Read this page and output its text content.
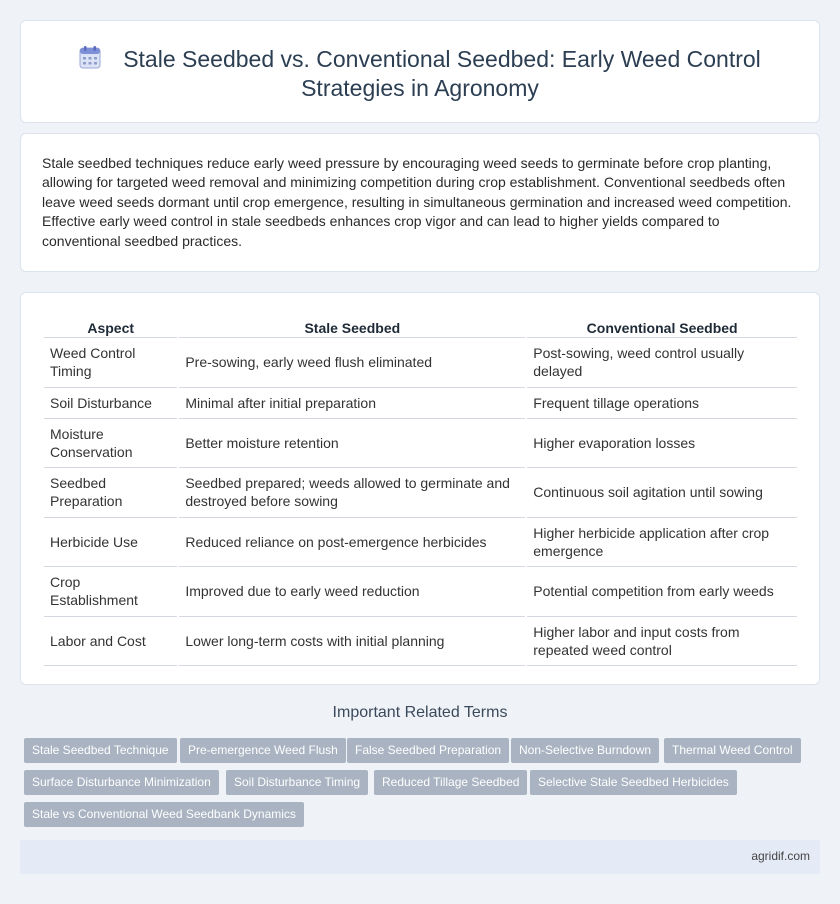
Stale Seedbed vs. Conventional Seedbed: Early Weed Control Strategies in Agronomy

Stale seedbed techniques reduce early weed pressure by encouraging weed seeds to germinate before crop planting, allowing for targeted weed removal and minimizing competition during crop establishment. Conventional seedbeds often leave weed seeds dormant until crop emergence, resulting in simultaneous germination and increased weed competition. Effective early weed control in stale seedbeds enhances crop vigor and can lead to higher yields compared to conventional seedbed practices.

Aspect	Stale Seedbed	Conventional Seedbed
Weed Control Timing	Pre-sowing, early weed flush eliminated	Post-sowing, weed control usually delayed
Soil Disturbance	Minimal after initial preparation	Frequent tillage operations
Moisture Conservation	Better moisture retention	Higher evaporation losses
Seedbed Preparation	Seedbed prepared; weeds allowed to germinate and destroyed before sowing	Continuous soil agitation until sowing
Herbicide Use	Reduced reliance on post-emergence herbicides	Higher herbicide application after crop emergence
Crop Establishment	Improved due to early weed reduction	Potential competition from early weeds
Labor and Cost	Lower long-term costs with initial planning	Higher labor and input costs from repeated weed control
Important Related Terms
Stale Seedbed Technique	Pre-emergence Weed Flush	False Seedbed Preparation	Non-Selective Burndown	Thermal Weed Control
Surface Disturbance Minimization	Soil Disturbance Timing	Reduced Tillage Seedbed	Selective Stale Seedbed Herbicides
Stale vs Conventional Weed Seedbank Dynamics
agridif.com
